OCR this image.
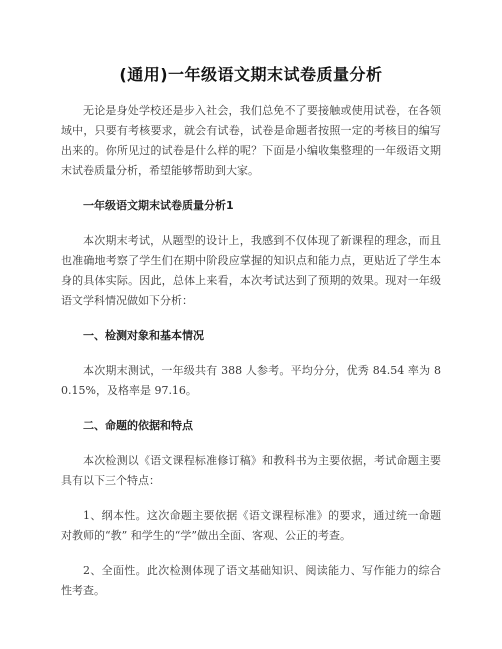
(通用)一年级语文期末试卷质量分析

无论是身处学校还是步入社会，我们总免不了要接触或使用试卷，在各领域中，只要有考核要求，就会有试卷，试卷是命题者按照一定的考核目的编写出来的。你所见过的试卷是什么样的呢？下面是小编收集整理的一年级语文期末试卷质量分析，希望能够帮助到大家。

一年级语文期末试卷质量分析1

本次期末考试，从题型的设计上，我感到不仅体现了新课程的理念，而且也准确地考察了学生们在期中阶段应掌握的知识点和能力点，更贴近了学生本身的具体实际。因此，总体上来看，本次考试达到了预期的效果。现对一年级语文学科情况做如下分析：

一、检测对象和基本情况

本次期末测试，一年级共有 388 人参考。平均分分，优秀 84.54 率为 80.15%，及格率是 97.16。

二、命题的依据和特点

本次检测以《语文课程标准修订稿》和教科书为主要依据，考试命题主要具有以下三个特点：

1、纲本性。这次命题主要依据《语文课程标准》的要求，通过统一命题对教师的“教” 和学生的“学”做出全面、客观、公正的考查。

2、全面性。此次检测体现了语文基础知识、阅读能力、写作能力的综合性考查。
